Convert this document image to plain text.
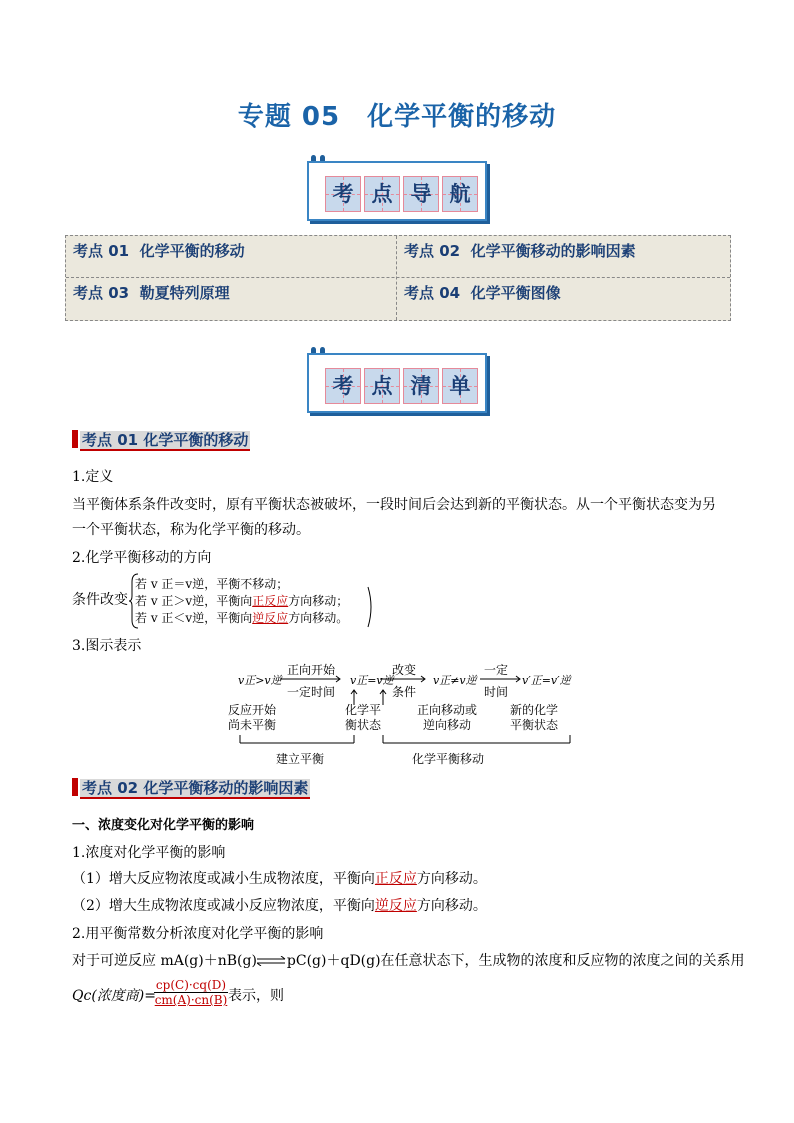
专题 05　化学平衡的移动
考 点 导 航
考点 01 化学平衡的移动	考点 02 化学平衡移动的影响因素
考点 03 勒夏特列原理	考点 04 化学平衡图像
考 点 清 单
考点 01 化学平衡的移动
1.定义
当平衡体系条件改变时，原有平衡状态被破坏，一段时间后会达到新的平衡状态。从一个平衡状态变为另
一个平衡状态，称为化学平衡的移动。
2.化学平衡移动的方向
条件改变
若 v 正＝v逆，平衡不移动；
若 v 正＞v逆，平衡向正反应方向移动；
若 v 正＜v逆，平衡向逆反应方向移动。
3.图示表示
v正>v逆	v正=v逆	v正≠v逆	v′正=v′逆
正向开始
一定时间
改变
条件
一定
时间
反应开始
尚未平衡
化学平
衡状态
正向移动或
逆向移动
新的化学
平衡状态
建立平衡	化学平衡移动
考点 02 化学平衡移动的影响因素
一、浓度变化对化学平衡的影响
1.浓度对化学平衡的影响
（1）增大反应物浓度或减小生成物浓度，平衡向正反应方向移动。
（2）增大生成物浓度或减小反应物浓度，平衡向逆反应方向移动。
2.用平衡常数分析浓度对化学平衡的影响
对于可逆反应 mA(g)＋nB(g)⇌pC(g)＋qD(g)在任意状态下，生成物的浓度和反应物的浓度之间的关系用
Qc(浓度商)=
$\frac{cp(C)\cdot cq(D)}{cm(A)\cdot cn(B)}$ 表示，则
